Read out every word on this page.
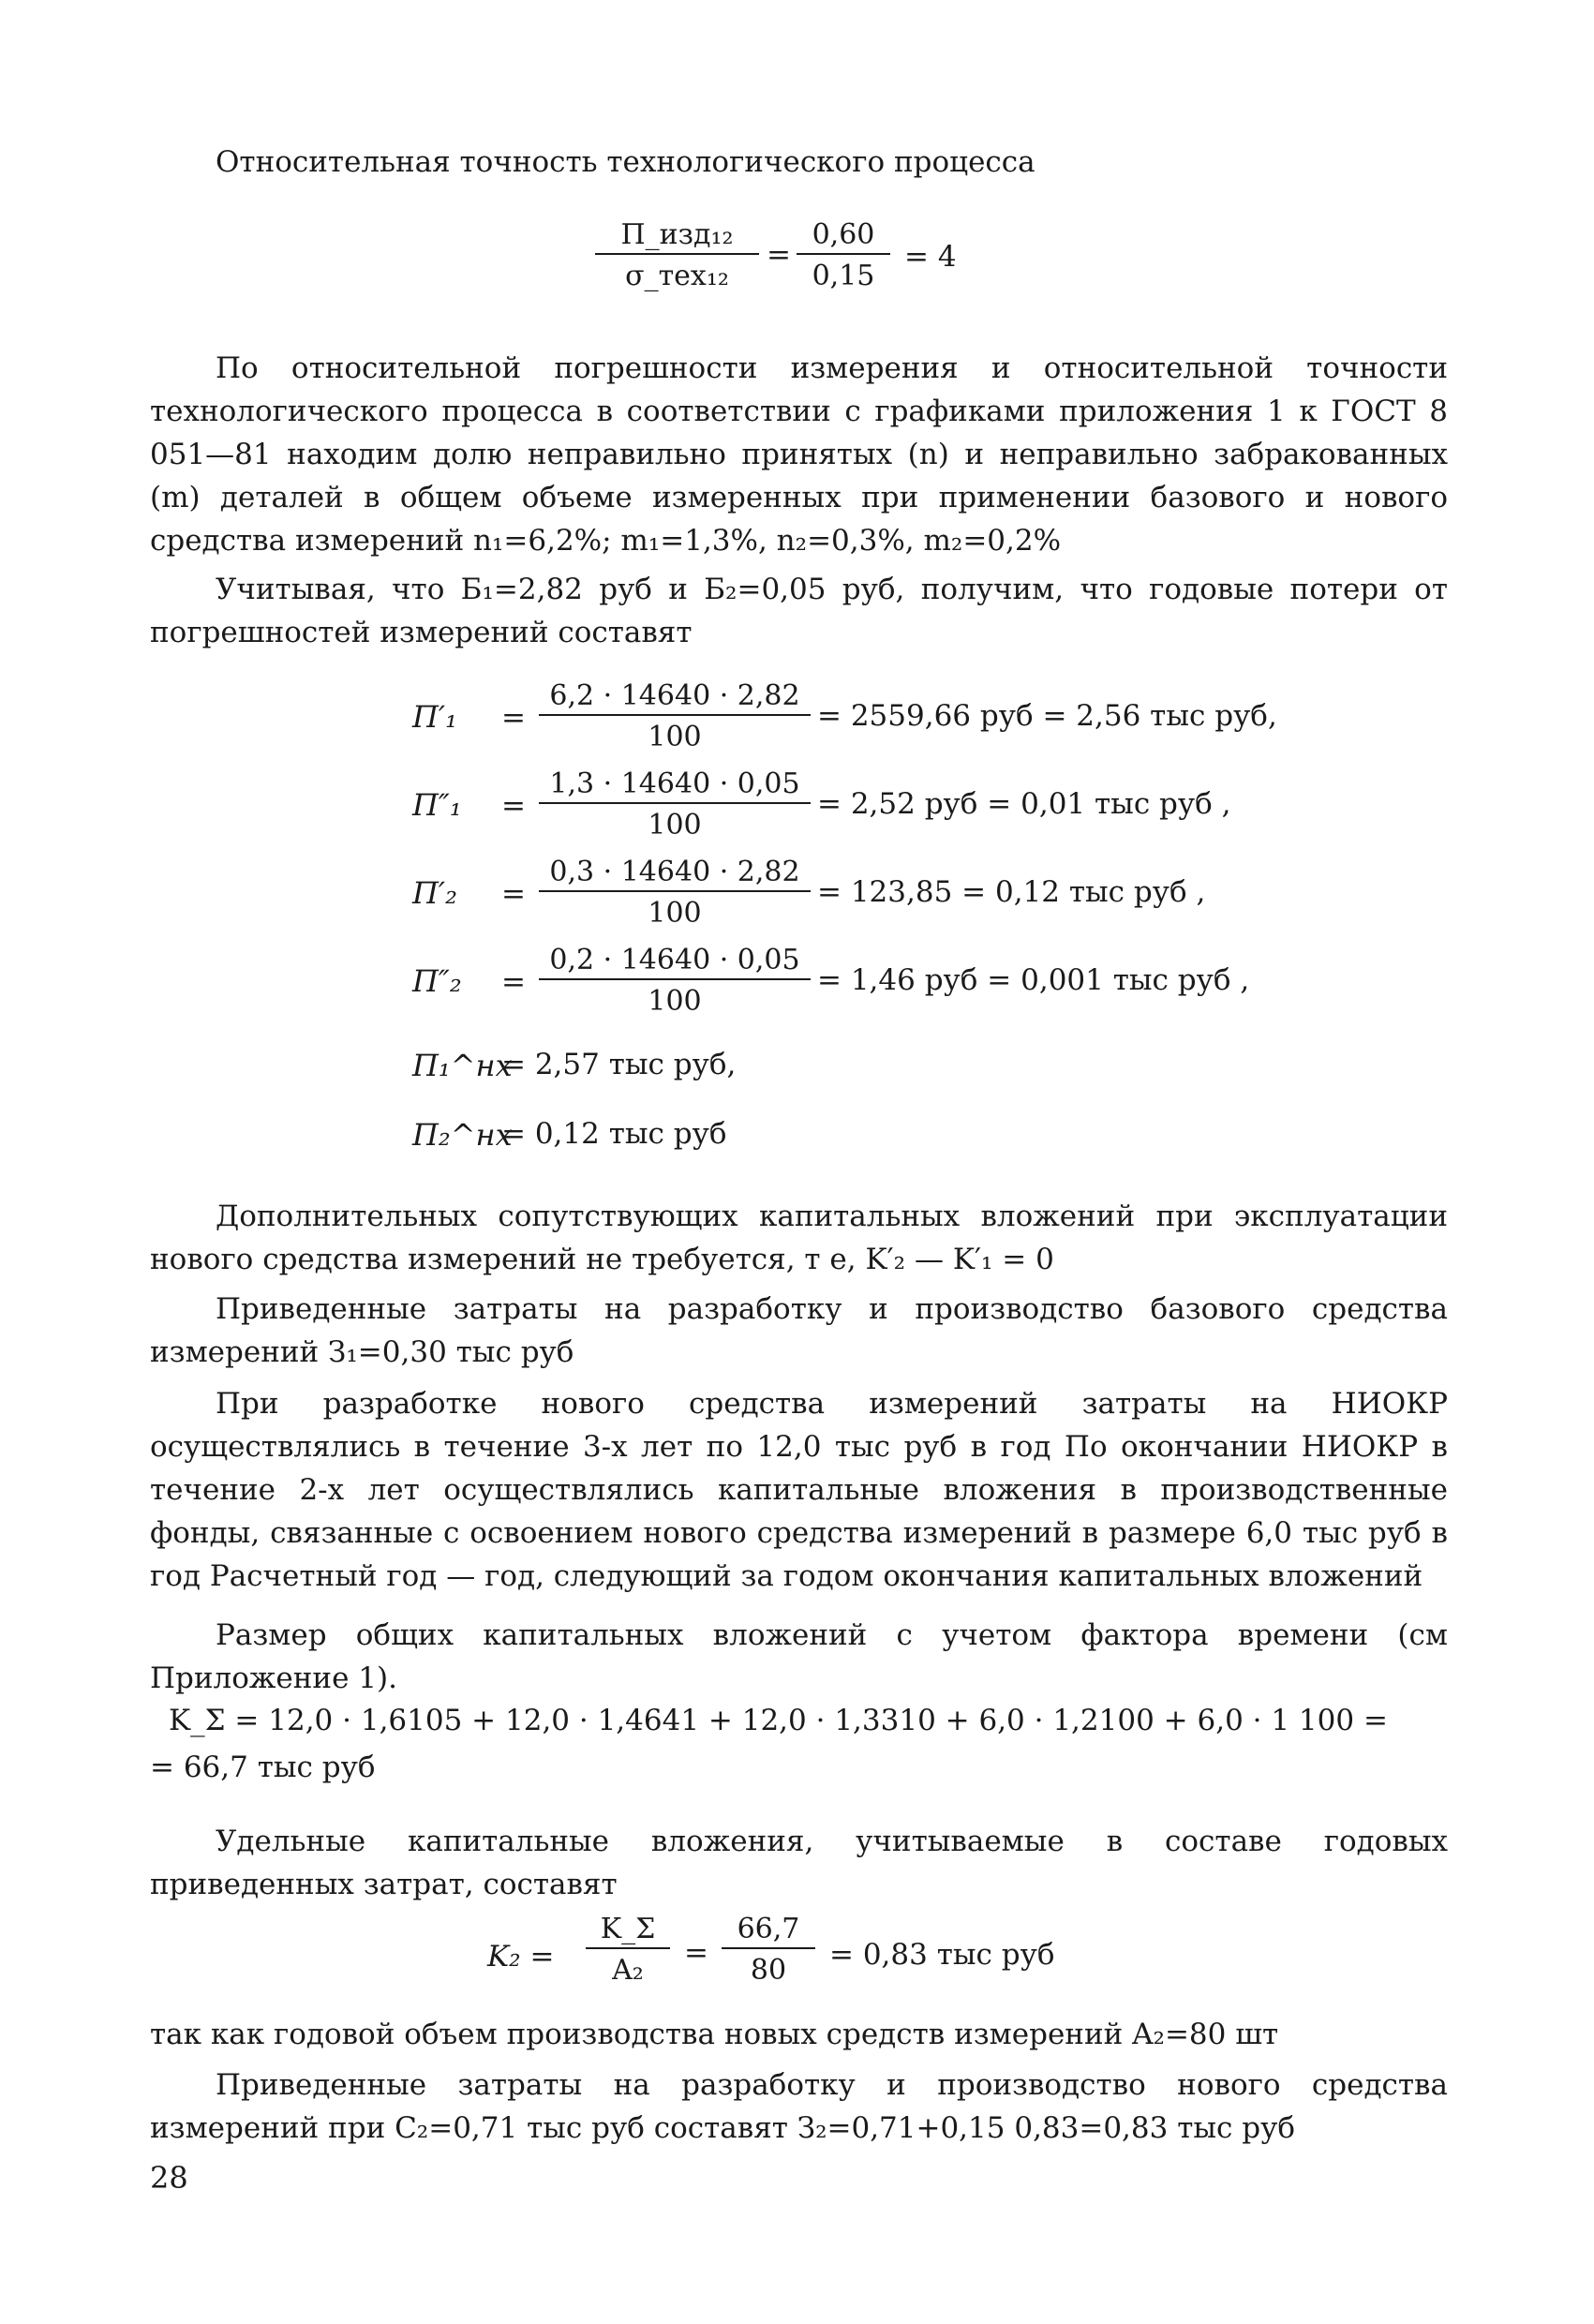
Относительная точность технологического процесса

П_изд₁₂
σ_тех₁₂
= $\frac{0,60}{0,15} = 4$

По относительной погрешности измерения и относительной точности технологического процесса в соответствии с графиками приложения 1 к ГОСТ 8 051—81 находим долю неправильно принятых (n) и неправильно забракованных (m) деталей в общем объеме измеренных при применении базового и нового средства измерений n₁=6,2%; m₁=1,3%, n₂=0,3%, m₂=0,2%

Учитывая, что Б₁=2,82 руб и Б₂=0,05 руб, получим, что годовые потери от погрешностей измерений составят

$П'_1 = \frac{6,2 \cdot 14640 \cdot 2,82}{100} = 2559,66$ руб = 2,56 тыс руб,
$П''_1 = \frac{1,3 \cdot 14640 \cdot 0,05}{100} = 2,52$ руб = 0,01 тыс руб ,
$П'_2 = \frac{0,3 \cdot 14640 \cdot 2,82}{100} = 123,85 = 0,12$ тыс руб ,
$П''_2 = \frac{0,2 \cdot 14640 \cdot 0,05}{100} = 1,46$ руб = 0,001 тыс руб ,
П₁^нх
= 2,57 тыс руб,
П₂^нх
= 0,12 тыс руб

Дополнительных сопутствующих капитальных вложений при эксплуатации нового средства измерений не требуется, т е, K′₂ — K′₁ = 0

Приведенные затраты на разработку и производство базового средства измерений З₁=0,30 тыс руб

При разработке нового средства измерений затраты на НИОКР осуществлялись в течение 3-х лет по 12,0 тыс руб в год По окончании НИОКР в течение 2-х лет осуществлялись капитальные вложения в производственные фонды, связанные с освоением нового средства измерений в размере 6,0 тыс руб в год Расчетный год — год, следующий за годом окончания капитальных вложений

Размер общих капитальных вложений с учетом фактора времени (см Приложение 1).

K_Σ = 12,0 · 1,6105 + 12,0 · 1,4641 + 12,0 · 1,3310 + 6,0 · 1,2100 + 6,0 · 1 100 =
= 66,7 тыс руб

Удельные капитальные вложения, учитываемые в составе годовых приведенных затрат, составят

$K_2 = \frac{K\_\Sigma}{\text{A₂}} = \frac{66,7}{80} = 0,83$ тыс руб

так как годовой объем производства новых средств измерений A₂=80 шт

Приведенные затраты на разработку и производство нового средства измерений при C₂=0,71 тыс руб составят З₂=0,71+0,15 0,83=0,83 тыс руб

28
